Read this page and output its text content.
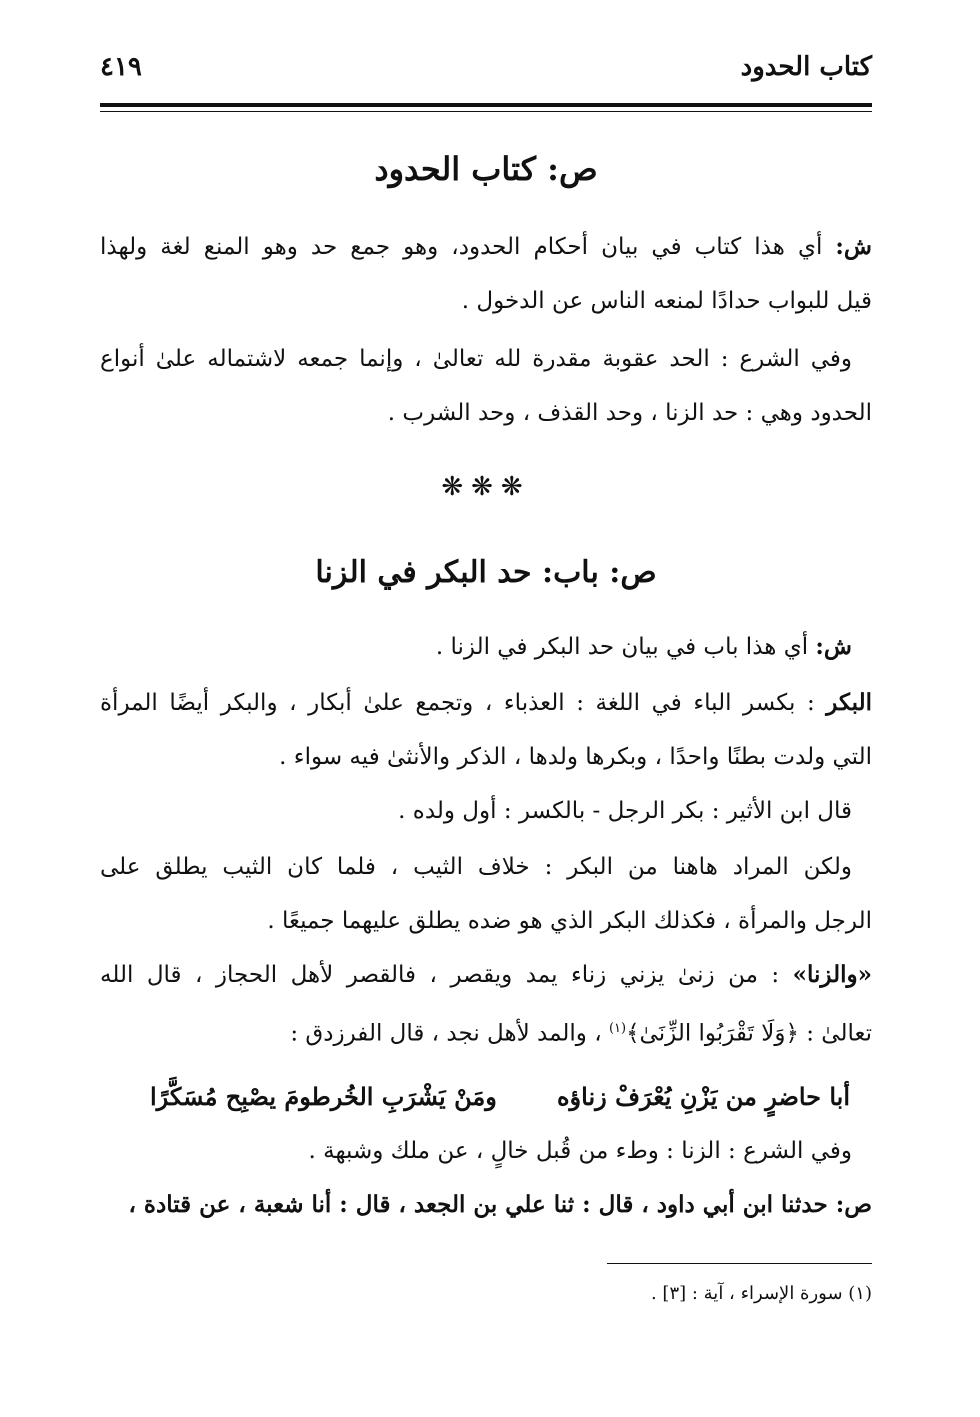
كتاب الحدود
٤١٩
ص: كتاب الحدود
ش: أي هذا كتاب في بيان أحكام الحدود، وهو جمع حد وهو المنع لغة ولهذا
قيل للبواب حدادًا لمنعه الناس عن الدخول .
وفي الشرع : الحد عقوبة مقدرة لله تعالىٰ ، وإنما جمعه لاشتماله علىٰ أنواع
الحدود وهي : حد الزنا ، وحد القذف ، وحد الشرب .
❋❋❋
ص: باب: حد البكر في الزنا
ش: أي هذا باب في بيان حد البكر في الزنا .
البكر : بكسر الباء في اللغة : العذباء ، وتجمع علىٰ أبكار ، والبكر أيضًا المرأة
التي ولدت بطنًا واحدًا ، وبكرها ولدها ، الذكر والأنثىٰ فيه سواء .
قال ابن الأثير : بكر الرجل - بالكسر : أول ولده .
ولكن المراد هاهنا من البكر : خلاف الثيب ، فلما كان الثيب يطلق على
الرجل والمرأة ، فكذلك البكر الذي هو ضده يطلق عليهما جميعًا .
«والزنا» : من زنىٰ يزني زناء يمد ويقصر ، فالقصر لأهل الحجاز ، قال الله
تعالىٰ : ﴿وَلَا تَقْرَبُوا الزِّنَىٰ﴾$^{(١)}$ ، والمد لأهل نجد ، قال الفرزدق :
أبا حاضرٍ من يَزْنِ يُعْرَفْ زناؤه
ومَنْ يَشْرَبِ الخُرطومَ يصْبِح مُسَكَّرًا
وفي الشرع : الزنا : وطء من قُبل خالٍ ، عن ملك وشبهة .
ص: حدثنا ابن أبي داود ، قال : ثنا علي بن الجعد ، قال : أنا شعبة ، عن قتادة ،
(١) سورة الإسراء ، آية : [٣] .
